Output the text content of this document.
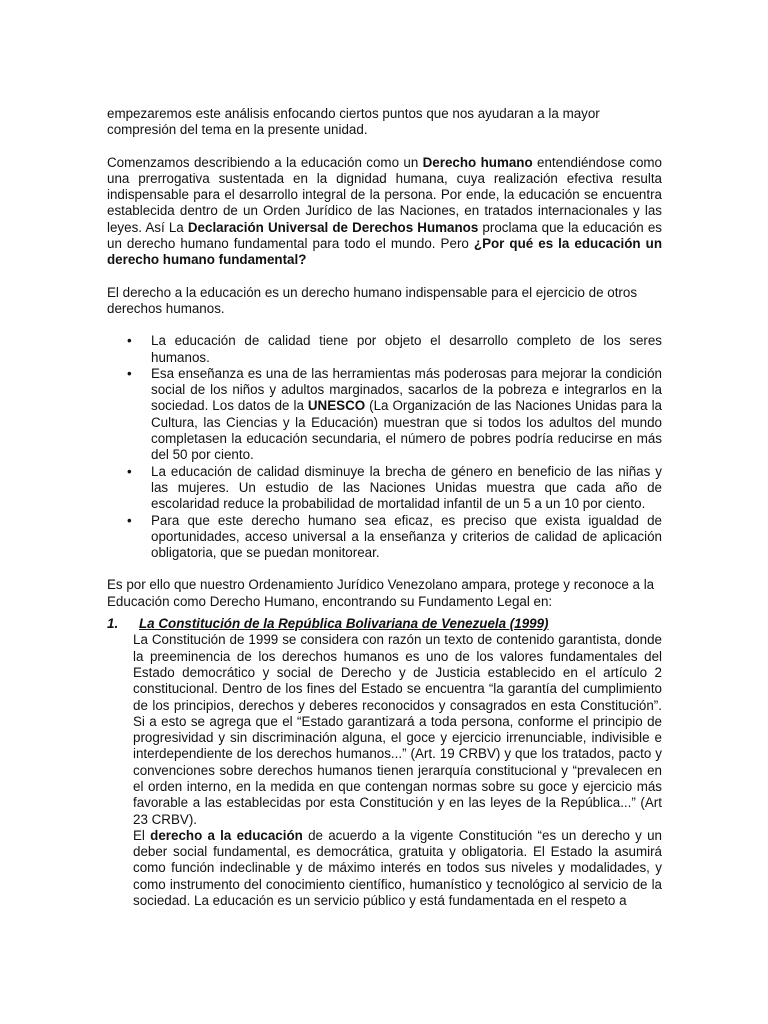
empezaremos este análisis enfocando ciertos puntos que nos ayudaran a la mayor compresión del tema en la presente unidad.

Comenzamos describiendo a la educación como un Derecho humano entendiéndose como una prerrogativa sustentada en la dignidad humana, cuya realización efectiva resulta indispensable para el desarrollo integral de la persona. Por ende, la educación se encuentra establecida dentro de un Orden Jurídico de las Naciones, en tratados internacionales y las leyes. Así La Declaración Universal de Derechos Humanos proclama que la educación es un derecho humano fundamental para todo el mundo. Pero ¿Por qué es la educación un derecho humano fundamental?

El derecho a la educación es un derecho humano indispensable para el ejercicio de otros derechos humanos.

• La educación de calidad tiene por objeto el desarrollo completo de los seres humanos.
• Esa enseñanza es una de las herramientas más poderosas para mejorar la condición social de los niños y adultos marginados, sacarlos de la pobreza e integrarlos en la sociedad. Los datos de la UNESCO (La Organización de las Naciones Unidas para la Cultura, las Ciencias y la Educación) muestran que si todos los adultos del mundo completasen la educación secundaria, el número de pobres podría reducirse en más del 50 por ciento.
• La educación de calidad disminuye la brecha de género en beneficio de las niñas y las mujeres. Un estudio de las Naciones Unidas muestra que cada año de escolaridad reduce la probabilidad de mortalidad infantil de un 5 a un 10 por ciento.
• Para que este derecho humano sea eficaz, es preciso que exista igualdad de oportunidades, acceso universal a la enseñanza y criterios de calidad de aplicación obligatoria, que se puedan monitorear.

Es por ello que nuestro Ordenamiento Jurídico Venezolano ampara, protege y reconoce a la Educación como Derecho Humano, encontrando su Fundamento Legal en:

1.	La Constitución de la República Bolivariana de Venezuela (1999)

La Constitución de 1999 se considera con razón un texto de contenido garantista, donde la preeminencia de los derechos humanos es uno de los valores fundamentales del Estado democrático y social de Derecho y de Justicia establecido en el artículo 2 constitucional. Dentro de los fines del Estado se encuentra “la garantía del cumplimiento de los principios, derechos y deberes reconocidos y consagrados en esta Constitución”. Si a esto se agrega que el “Estado garantizará a toda persona, conforme el principio de progresividad y sin discriminación alguna, el goce y ejercicio irrenunciable, indivisible e interdependiente de los derechos humanos...” (Art. 19 CRBV) y que los tratados, pacto y convenciones sobre derechos humanos tienen jerarquía constitucional y “prevalecen en el orden interno, en la medida en que contengan normas sobre su goce y ejercicio más favorable a las establecidas por esta Constitución y en las leyes de la República...” (Art 23 CRBV).

El derecho a la educación de acuerdo a la vigente Constitución “es un derecho y un deber social fundamental, es democrática, gratuita y obligatoria. El Estado la asumirá como función indeclinable y de máximo interés en todos sus niveles y modalidades, y como instrumento del conocimiento científico, humanístico y tecnológico al servicio de la sociedad. La educación es un servicio público y está fundamentada en el respeto a
